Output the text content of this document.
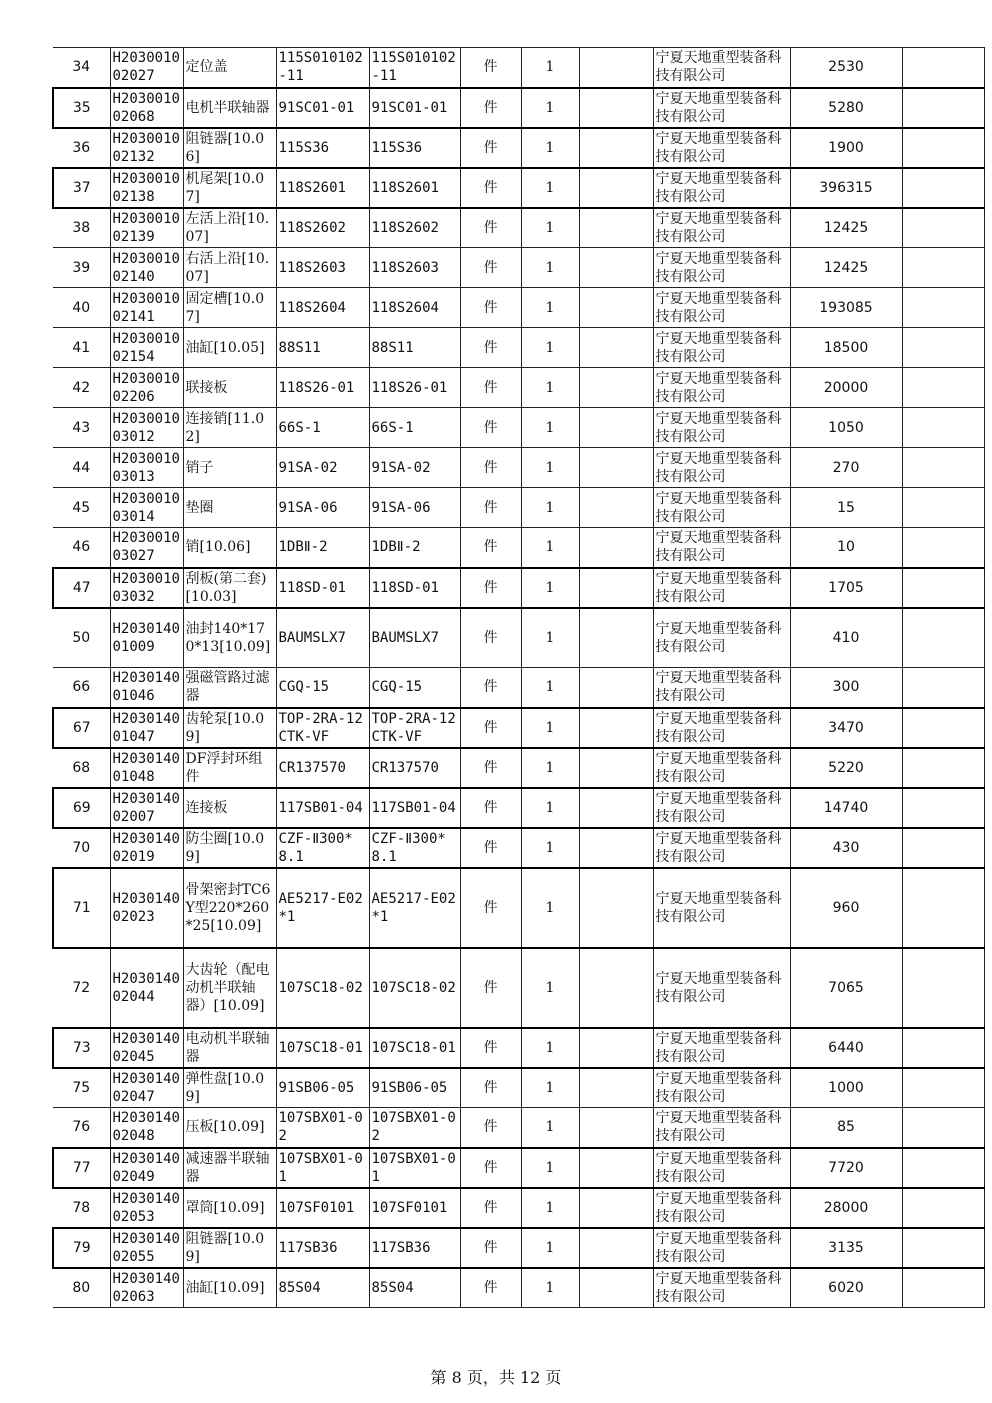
34	H203001002027	定位盖	115S010102-11	115S010102-11	件	1		宁夏天地重型装备科技有限公司	2530	
35	H203001002068	电机半联轴器	91SC01-01	91SC01-01	件	1		宁夏天地重型装备科技有限公司	5280	
36	H203001002132	阻链器[10.06]	115S36	115S36	件	1		宁夏天地重型装备科技有限公司	1900	
37	H203001002138	机尾架[10.07]	118S2601	118S2601	件	1		宁夏天地重型装备科技有限公司	396315	
38	H203001002139	左活上沿[10.07]	118S2602	118S2602	件	1		宁夏天地重型装备科技有限公司	12425	
39	H203001002140	右活上沿[10.07]	118S2603	118S2603	件	1		宁夏天地重型装备科技有限公司	12425	
40	H203001002141	固定槽[10.07]	118S2604	118S2604	件	1		宁夏天地重型装备科技有限公司	193085	
41	H203001002154	油缸[10.05]	88S11	88S11	件	1		宁夏天地重型装备科技有限公司	18500	
42	H203001002206	联接板	118S26-01	118S26-01	件	1		宁夏天地重型装备科技有限公司	20000	
43	H203001003012	连接销[11.02]	66S-1	66S-1	件	1		宁夏天地重型装备科技有限公司	1050	
44	H203001003013	销子	91SA-02	91SA-02	件	1		宁夏天地重型装备科技有限公司	270	
45	H203001003014	垫圈	91SA-06	91SA-06	件	1		宁夏天地重型装备科技有限公司	15	
46	H203001003027	销[10.06]	1DBⅡ-2	1DBⅡ-2	件	1		宁夏天地重型装备科技有限公司	10	
47	H203001003032	刮板(第二套)[10.03]	118SD-01	118SD-01	件	1		宁夏天地重型装备科技有限公司	1705	
50	H203014001009	油封140*170*13[10.09]	BAUMSLX7	BAUMSLX7	件	1		宁夏天地重型装备科技有限公司	410	
66	H203014001046	强磁管路过滤器	CGQ-15	CGQ-15	件	1		宁夏天地重型装备科技有限公司	300	
67	H203014001047	齿轮泵[10.09]	TOP-2RA-12CTK-VF	TOP-2RA-12CTK-VF	件	1		宁夏天地重型装备科技有限公司	3470	
68	H203014001048	DF浮封环组件	CR137570	CR137570	件	1		宁夏天地重型装备科技有限公司	5220	
69	H203014002007	连接板	117SB01-04	117SB01-04	件	1		宁夏天地重型装备科技有限公司	14740	
70	H203014002019	防尘圈[10.09]	CZF-Ⅱ300*8.1	CZF-Ⅱ300*8.1	件	1		宁夏天地重型装备科技有限公司	430	
71	H203014002023	骨架密封TC6Y型220*260*25[10.09]	AE5217-E02*1	AE5217-E02*1	件	1		宁夏天地重型装备科技有限公司	960	
72	H203014002044	大齿轮（配电动机半联轴器）[10.09]	107SC18-02	107SC18-02	件	1		宁夏天地重型装备科技有限公司	7065	
73	H203014002045	电动机半联轴器	107SC18-01	107SC18-01	件	1		宁夏天地重型装备科技有限公司	6440	
75	H203014002047	弹性盘[10.09]	91SB06-05	91SB06-05	件	1		宁夏天地重型装备科技有限公司	1000	
76	H203014002048	压板[10.09]	107SBX01-02	107SBX01-02	件	1		宁夏天地重型装备科技有限公司	85	
77	H203014002049	减速器半联轴器	107SBX01-01	107SBX01-01	件	1		宁夏天地重型装备科技有限公司	7720	
78	H203014002053	罩筒[10.09]	107SF0101	107SF0101	件	1		宁夏天地重型装备科技有限公司	28000	
79	H203014002055	阻链器[10.09]	117SB36	117SB36	件	1		宁夏天地重型装备科技有限公司	3135	
80	H203014002063	油缸[10.09]	85S04	85S04	件	1		宁夏天地重型装备科技有限公司	6020	
第 8 页，共 12 页
